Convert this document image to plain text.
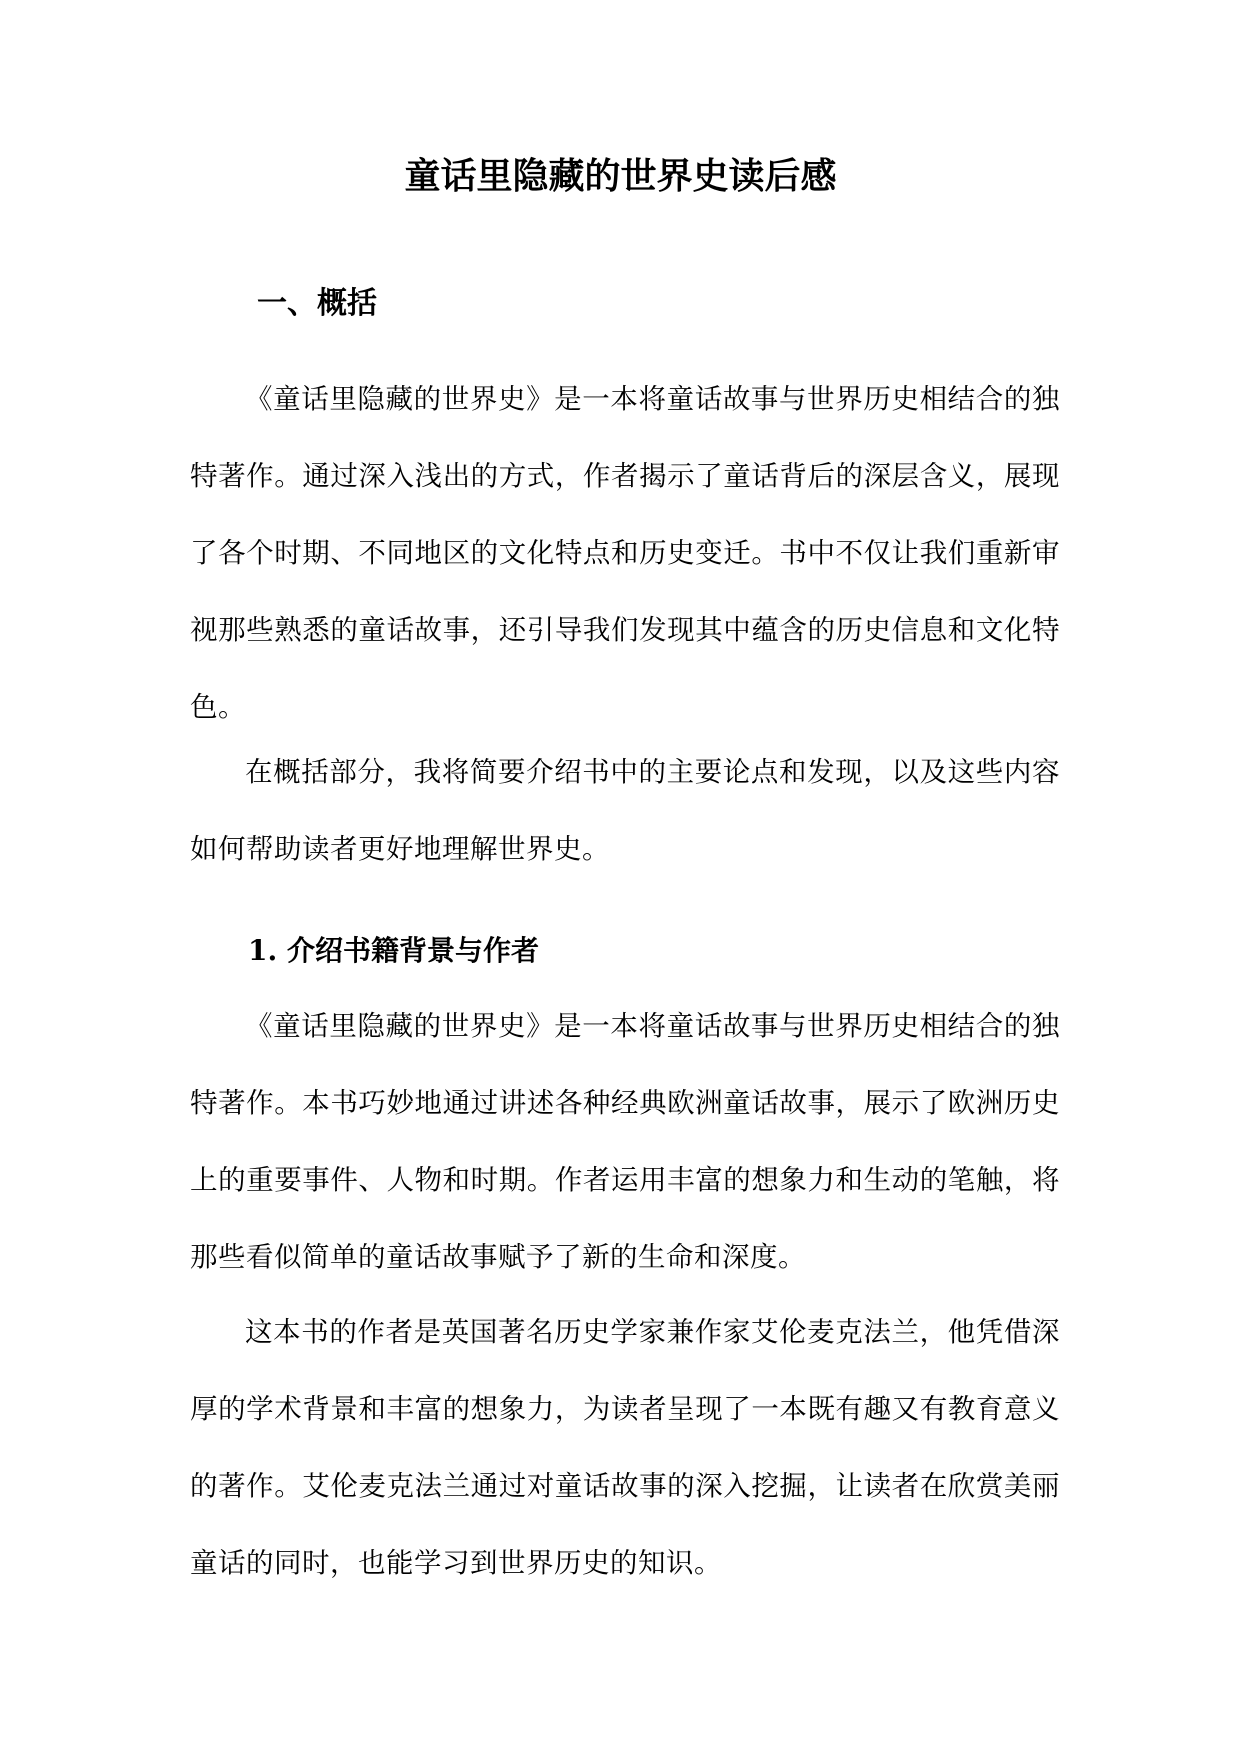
童话里隐藏的世界史读后感
一、概括

《童话里隐藏的世界史》是一本将童话故事与世界历史相结合的独特著作。通过深入浅出的方式，作者揭示了童话背后的深层含义，展现了各个时期、不同地区的文化特点和历史变迁。书中不仅让我们重新审视那些熟悉的童话故事，还引导我们发现其中蕴含的历史信息和文化特色。

在概括部分，我将简要介绍书中的主要论点和发现，以及这些内容如何帮助读者更好地理解世界史。

1. 介绍书籍背景与作者

《童话里隐藏的世界史》是一本将童话故事与世界历史相结合的独特著作。本书巧妙地通过讲述各种经典欧洲童话故事，展示了欧洲历史上的重要事件、人物和时期。作者运用丰富的想象力和生动的笔触，将那些看似简单的童话故事赋予了新的生命和深度。

这本书的作者是英国著名历史学家兼作家艾伦麦克法兰，他凭借深厚的学术背景和丰富的想象力，为读者呈现了一本既有趣又有教育意义的著作。艾伦麦克法兰通过对童话故事的深入挖掘，让读者在欣赏美丽童话的同时，也能学习到世界历史的知识。
